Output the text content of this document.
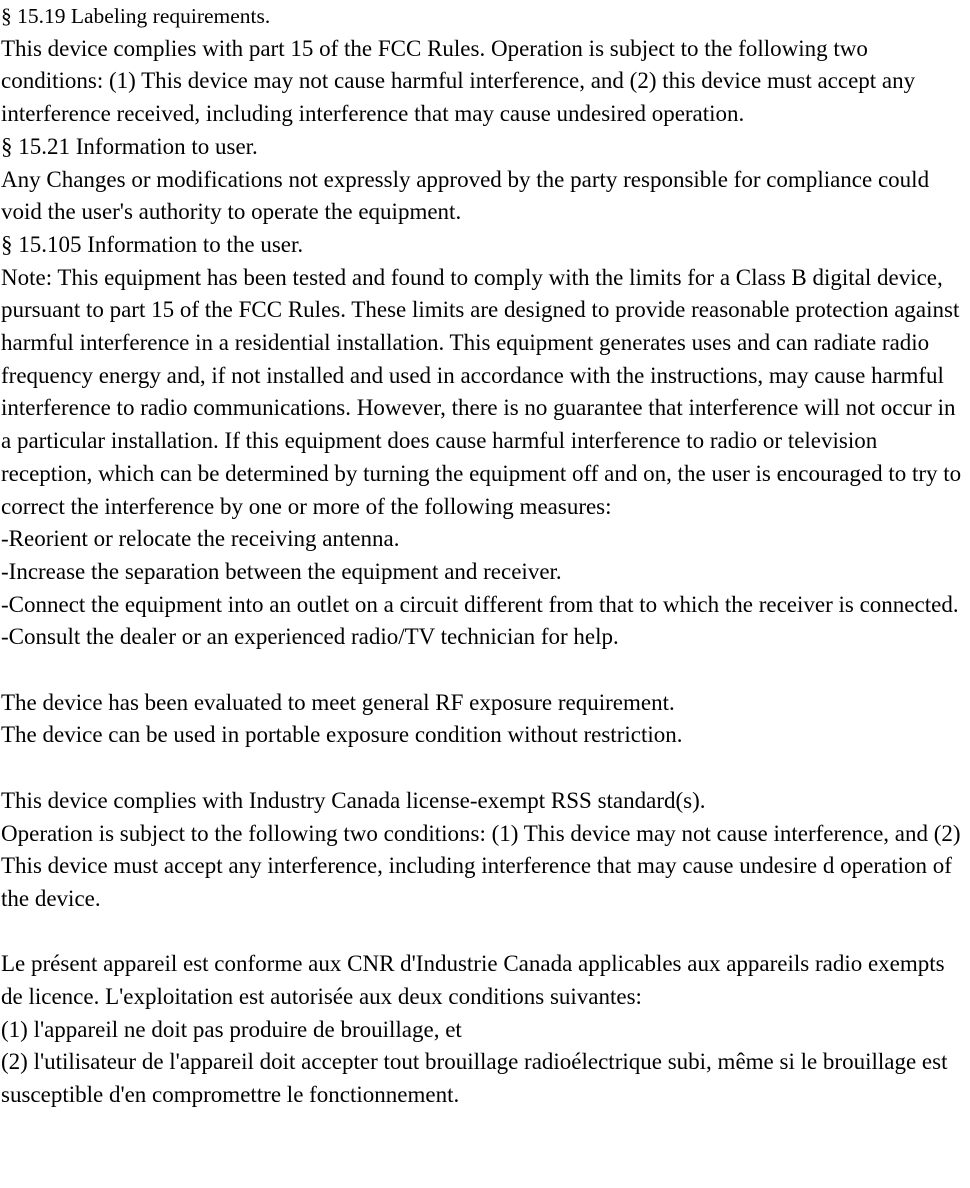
§ 15.19 Labeling requirements.

This device complies with part 15 of the FCC Rules. Operation is subject to the following two conditions: (1) This device may not cause harmful interference, and (2) this device must accept any interference received, including interference that may cause undesired operation.

§ 15.21 Information to user.

Any Changes or modifications not expressly approved by the party responsible for compliance could void the user's authority to operate the equipment.

§ 15.105 Information to the user.

Note: This equipment has been tested and found to comply with the limits for a Class B digital device, pursuant to part 15 of the FCC Rules. These limits are designed to provide reasonable protection against harmful interference in a residential installation. This equipment generates uses and can radiate radio frequency energy and, if not installed and used in accordance with the instructions, may cause harmful interference to radio communications. However, there is no guarantee that interference will not occur in a particular installation. If this equipment does cause harmful interference to radio or television reception, which can be determined by turning the equipment off and on, the user is encouraged to try to correct the interference by one or more of the following measures:

-Reorient or relocate the receiving antenna.

-Increase the separation between the equipment and receiver.

-Connect the equipment into an outlet on a circuit different from that to which the receiver is connected.

-Consult the dealer or an experienced radio/TV technician for help.

The device has been evaluated to meet general RF exposure requirement.

The device can be used in portable exposure condition without restriction.

This device complies with Industry Canada license-exempt RSS standard(s).

Operation is subject to the following two conditions: (1) This device may not cause interference, and (2) This device must accept any interference, including interference that may cause undesire d operation of the device.

Le présent appareil est conforme aux CNR d'Industrie Canada applicables aux appareils radio exempts de licence. L'exploitation est autorisée aux deux conditions suivantes:

(1) l'appareil ne doit pas produire de brouillage, et

(2) l'utilisateur de l'appareil doit accepter tout brouillage radioélectrique subi, même si le brouillage est susceptible d'en compromettre le fonctionnement.
